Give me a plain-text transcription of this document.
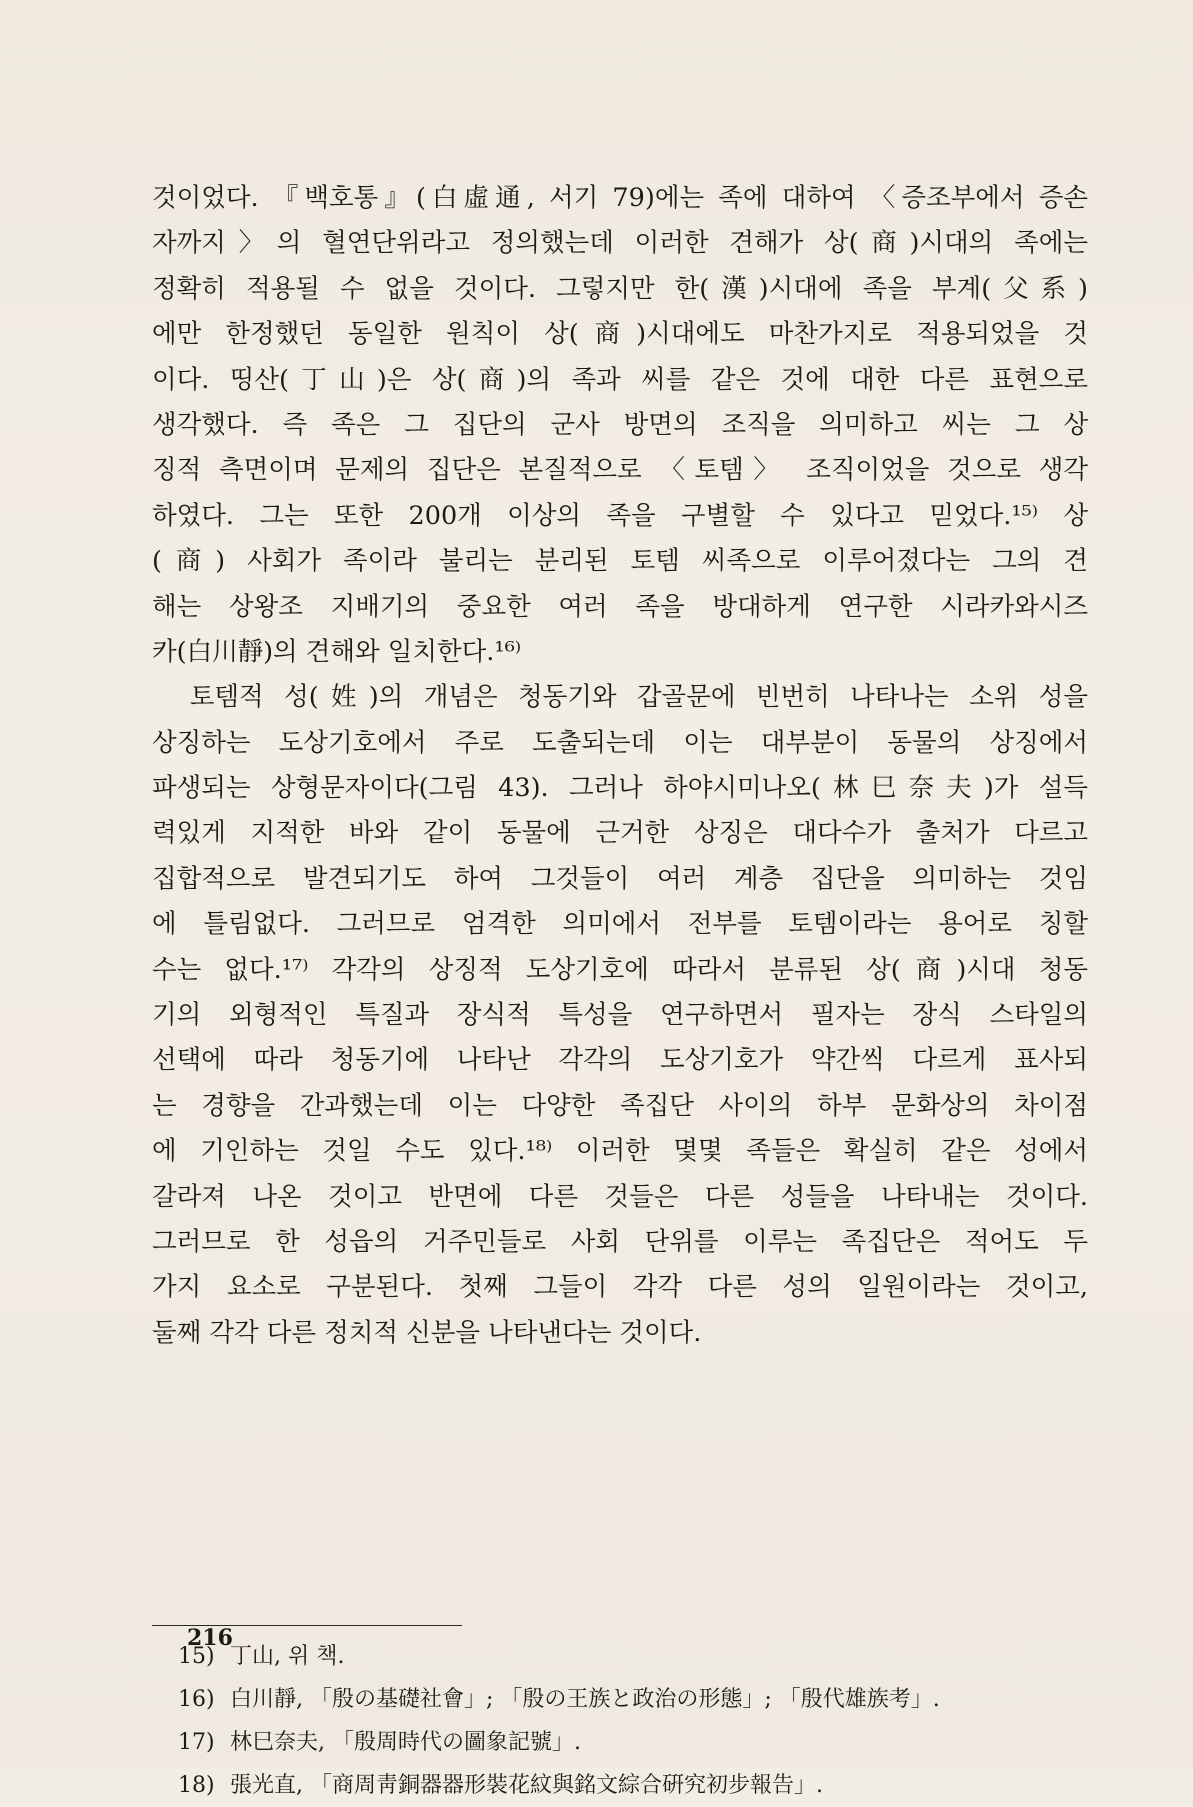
것이었다. 『백호통』(白虛通, 서기 79)에는 족에 대하여 〈증조부에서 증손
자까지〉의 혈연단위라고 정의했는데 이러한 견해가 상(商)시대의 족에는
정확히 적용될 수 없을 것이다. 그렇지만 한(漢)시대에 족을 부계(父系)
에만 한정했던 동일한 원칙이 상(商)시대에도 마찬가지로 적용되었을 것
이다. 띵산(丁山)은 상(商)의 족과 씨를 같은 것에 대한 다른 표현으로
생각했다. 즉 족은 그 집단의 군사 방면의 조직을 의미하고 씨는 그 상
징적 측면이며 문제의 집단은 본질적으로 〈토템〉 조직이었을 것으로 생각
하였다. 그는 또한 200개 이상의 족을 구별할 수 있다고 믿었다.¹⁵⁾ 상
(商) 사회가 족이라 불리는 분리된 토템 씨족으로 이루어졌다는 그의 견
해는 상왕조 지배기의 중요한 여러 족을 방대하게 연구한 시라카와시즈
카(白川靜)의 견해와 일치한다.¹⁶⁾
　토템적 성(姓)의 개념은 청동기와 갑골문에 빈번히 나타나는 소위 성을
상징하는 도상기호에서 주로 도출되는데 이는 대부분이 동물의 상징에서
파생되는 상형문자이다(그림 43). 그러나 하야시미나오(林巳奈夫)가 설득
력있게 지적한 바와 같이 동물에 근거한 상징은 대다수가 출처가 다르고
집합적으로 발견되기도 하여 그것들이 여러 계층 집단을 의미하는 것임
에 틀림없다. 그러므로 엄격한 의미에서 전부를 토템이라는 용어로 칭할
수는 없다.¹⁷⁾ 각각의 상징적 도상기호에 따라서 분류된 상(商)시대 청동
기의 외형적인 특질과 장식적 특성을 연구하면서 필자는 장식 스타일의
선택에 따라 청동기에 나타난 각각의 도상기호가 약간씩 다르게 표사되
는 경향을 간과했는데 이는 다양한 족집단 사이의 하부 문화상의 차이점
에 기인하는 것일 수도 있다.¹⁸⁾ 이러한 몇몇 족들은 확실히 같은 성에서
갈라져 나온 것이고 반면에 다른 것들은 다른 성들을 나타내는 것이다.
그러므로 한 성읍의 거주민들로 사회 단위를 이루는 족집단은 적어도 두
가지 요소로 구분된다. 첫째 그들이 각각 다른 성의 일원이라는 것이고,
둘째 각각 다른 정치적 신분을 나타낸다는 것이다.
15) 丁山, 위 책.
16) 白川靜, 「殷の基礎社會」; 「殷の王族と政治の形態」; 「殷代雄族考」.
17) 林巳奈夫, 「殷周時代の圖象記號」.
18) 張光直, 「商周靑銅器器形裝花紋與銘文綜合硏究初步報告」.
216
